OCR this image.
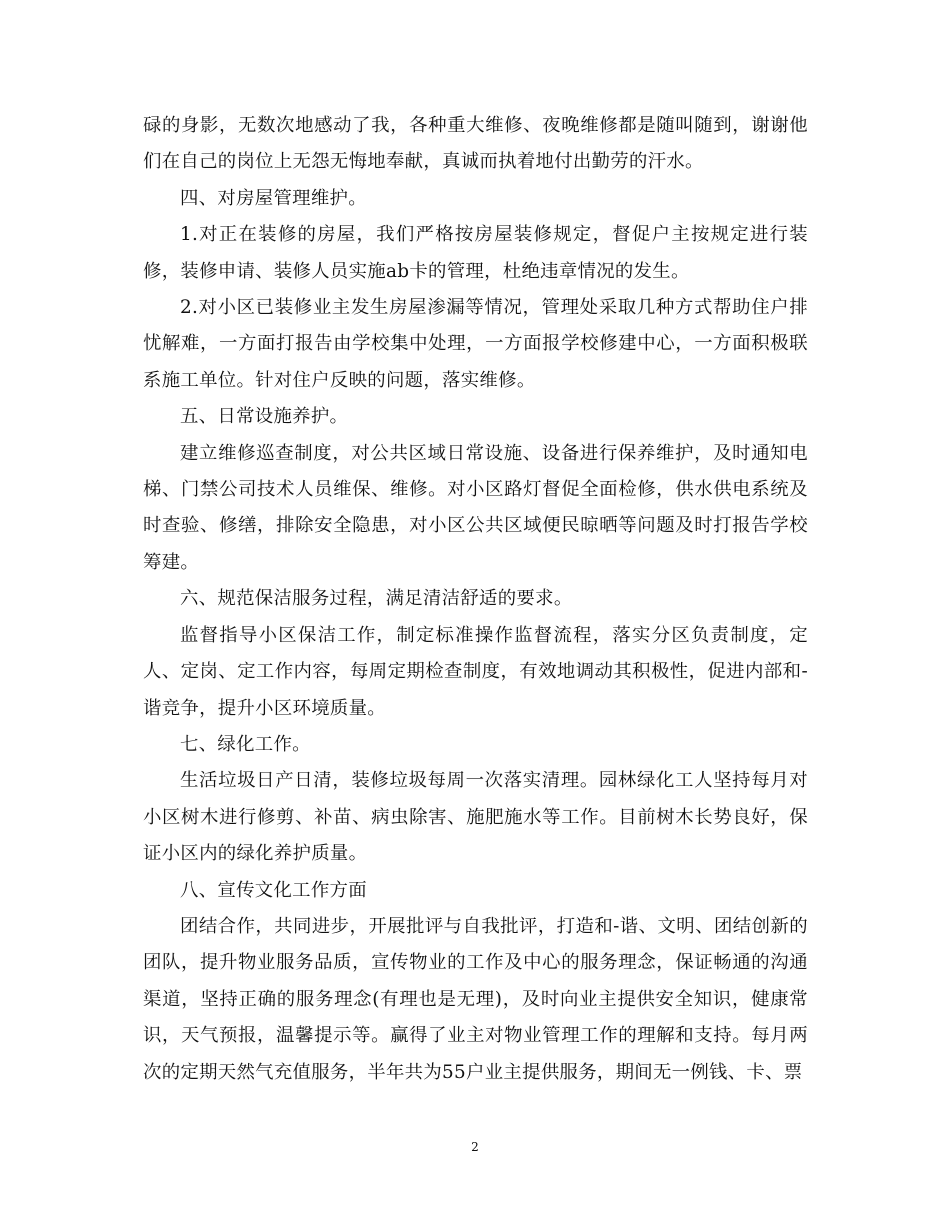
碌的身影，无数次地感动了我，各种重大维修、夜晚维修都是随叫随到，谢谢他们在自己的岗位上无怨无悔地奉献，真诚而执着地付出勤劳的汗水。

四、对房屋管理维护。

1.对正在装修的房屋，我们严格按房屋装修规定，督促户主按规定进行装修，装修申请、装修人员实施ab卡的管理，杜绝违章情况的发生。

2.对小区已装修业主发生房屋渗漏等情况，管理处采取几种方式帮助住户排忧解难，一方面打报告由学校集中处理，一方面报学校修建中心，一方面积极联系施工单位。针对住户反映的问题，落实维修。

五、日常设施养护。

建立维修巡查制度，对公共区域日常设施、设备进行保养维护，及时通知电梯、门禁公司技术人员维保、维修。对小区路灯督促全面检修，供水供电系统及时查验、修缮，排除安全隐患，对小区公共区域便民晾晒等问题及时打报告学校筹建。

六、规范保洁服务过程，满足清洁舒适的要求。

监督指导小区保洁工作，制定标准操作监督流程，落实分区负责制度，定人、定岗、定工作内容，每周定期检查制度，有效地调动其积极性，促进内部和-谐竞争，提升小区环境质量。

七、绿化工作。

生活垃圾日产日清，装修垃圾每周一次落实清理。园林绿化工人坚持每月对小区树木进行修剪、补苗、病虫除害、施肥施水等工作。目前树木长势良好，保证小区内的绿化养护质量。

八、宣传文化工作方面

团结合作，共同进步，开展批评与自我批评，打造和-谐、文明、团结创新的团队，提升物业服务品质，宣传物业的工作及中心的服务理念，保证畅通的沟通渠道，坚持正确的服务理念(有理也是无理)，及时向业主提供安全知识，健康常识，天气预报，温馨提示等。赢得了业主对物业管理工作的理解和支持。每月两次的定期天然气充值服务，半年共为55户业主提供服务，期间无一例钱、卡、票

2
